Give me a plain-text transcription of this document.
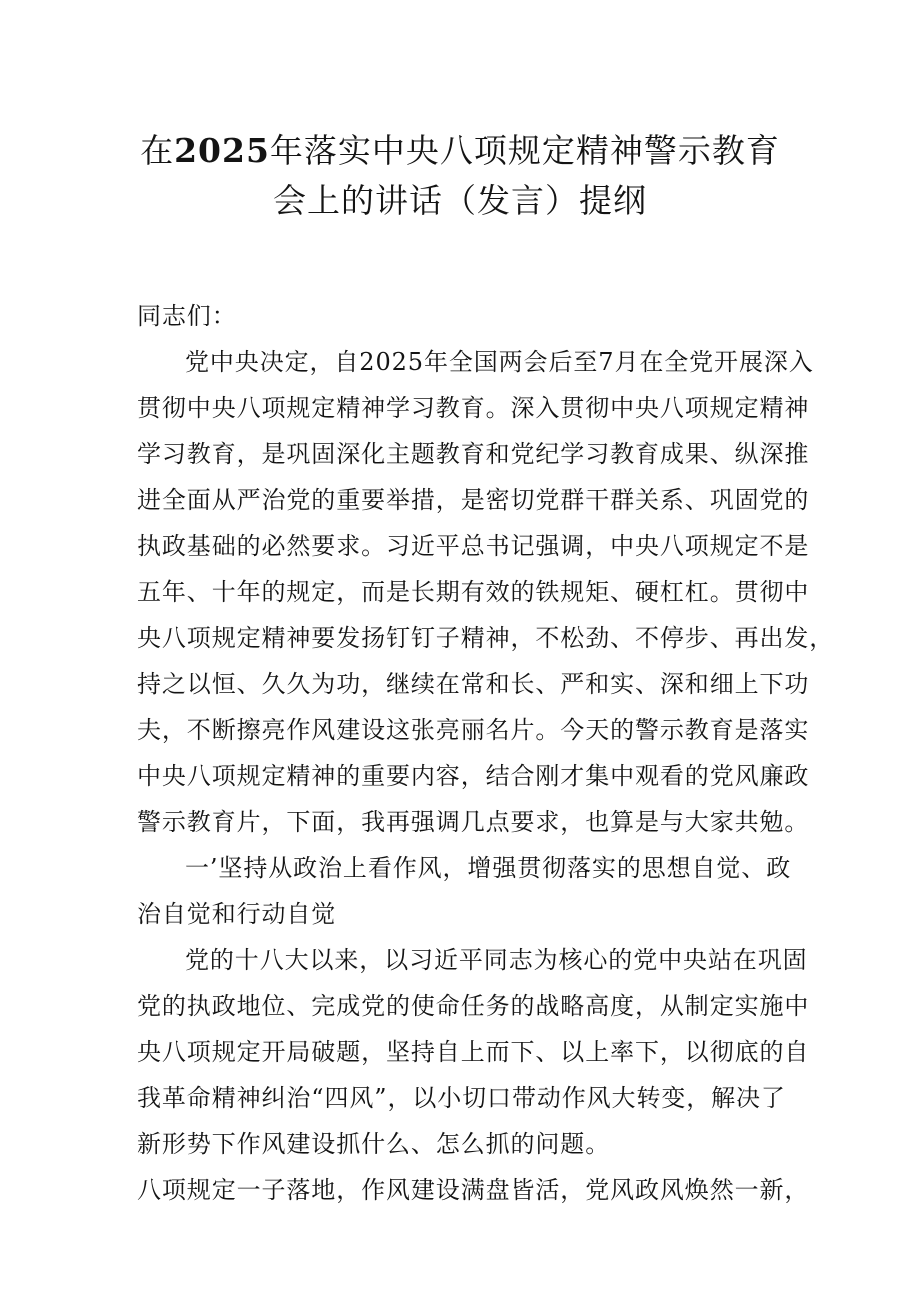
在2025年落实中央八项规定精神警示教育
会上的讲话（发言）提纲
同志们：
党中央决定，自2025年全国两会后至7月在全党开展深入
贯彻中央八项规定精神学习教育。深入贯彻中央八项规定精神
学习教育，是巩固深化主题教育和党纪学习教育成果、纵深推
进全面从严治党的重要举措，是密切党群干群关系、巩固党的
执政基础的必然要求。习近平总书记强调，中央八项规定不是
五年、十年的规定，而是长期有效的铁规矩、硬杠杠。贯彻中
央八项规定精神要发扬钉钉子精神，不松劲、不停步、再出发，
持之以恒、久久为功，继续在常和长、严和实、深和细上下功
夫，不断擦亮作风建设这张亮丽名片。今天的警示教育是落实
中央八项规定精神的重要内容，结合刚才集中观看的党风廉政
警示教育片，下面，我再强调几点要求，也算是与大家共勉。
一’坚持从政治上看作风，增强贯彻落实的思想自觉、政
治自觉和行动自觉
党的十八大以来，以习近平同志为核心的党中央站在巩固
党的执政地位、完成党的使命任务的战略高度，从制定实施中
央八项规定开局破题，坚持自上而下、以上率下，以彻底的自
我革命精神纠治“四风”，以小切口带动作风大转变，解决了
新形势下作风建设抓什么、怎么抓的问题。
八项规定一子落地，作风建设满盘皆活，党风政风焕然一新，
